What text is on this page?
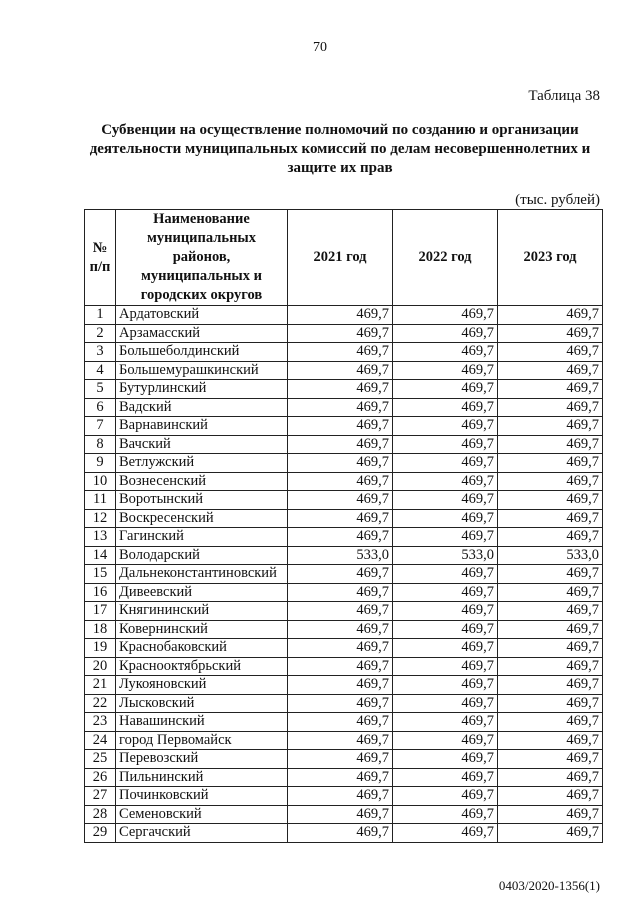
70
Таблица 38
Субвенции на осуществление полномочий по созданию и организации деятельности муниципальных комиссий по делам несовершеннолетних и защите их прав
(тыс. рублей)
№ п/п	Наименование муниципальных районов, муниципальных и городских округов	2021 год	2022 год	2023 год
1	Ардатовский	469,7	469,7	469,7
2	Арзамасский	469,7	469,7	469,7
3	Большеболдинский	469,7	469,7	469,7
4	Большемурашкинский	469,7	469,7	469,7
5	Бутурлинский	469,7	469,7	469,7
6	Вадский	469,7	469,7	469,7
7	Варнавинский	469,7	469,7	469,7
8	Вачский	469,7	469,7	469,7
9	Ветлужский	469,7	469,7	469,7
10	Вознесенский	469,7	469,7	469,7
11	Воротынский	469,7	469,7	469,7
12	Воскресенский	469,7	469,7	469,7
13	Гагинский	469,7	469,7	469,7
14	Володарский	533,0	533,0	533,0
15	Дальнеконстантиновский	469,7	469,7	469,7
16	Дивеевский	469,7	469,7	469,7
17	Княгининский	469,7	469,7	469,7
18	Ковернинский	469,7	469,7	469,7
19	Краснобаковский	469,7	469,7	469,7
20	Краснооктябрьский	469,7	469,7	469,7
21	Лукояновский	469,7	469,7	469,7
22	Лысковский	469,7	469,7	469,7
23	Навашинский	469,7	469,7	469,7
24	город Первомайск	469,7	469,7	469,7
25	Перевозский	469,7	469,7	469,7
26	Пильнинский	469,7	469,7	469,7
27	Починковский	469,7	469,7	469,7
28	Семеновский	469,7	469,7	469,7
29	Сергачский	469,7	469,7	469,7
0403/2020-1356(1)
